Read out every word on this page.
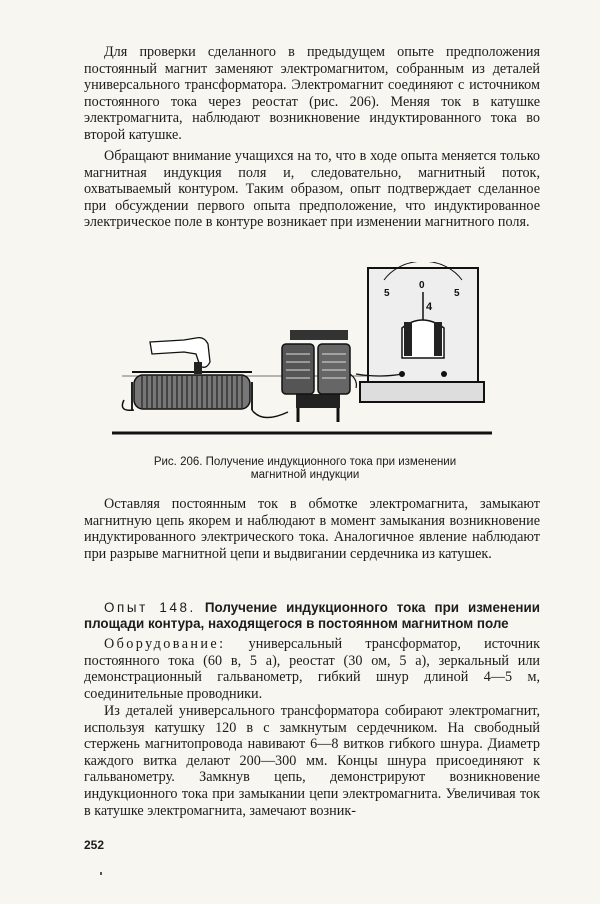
Для проверки сделанного в предыдущем опыте предположения постоянный магнит заменяют электромагнитом, собранным из деталей универсального трансформатора. Электромагнит соединяют с источником постоянного тока через реостат (рис. 206). Меняя ток в катушке электромагнита, наблюдают возникновение индуктированного тока во второй катушке.

Обращают внимание учащихся на то, что в ходе опыта меняется только магнитная индукция поля и, следовательно, магнитный поток, охватываемый контуром. Таким образом, опыт подтверждает сделанное при обсуждении первого опыта предположение, что индуктированное электрическое поле в контуре возникает при изменении магнитного поля.

5
0
5
4

Рис. 206. Получение индукционного тока при изменении
магнитной индукции

Оставляя постоянным ток в обмотке электромагнита, замыкают магнитную цепь якорем и наблюдают в момент замыкания возникновение индуктированного электрического тока. Аналогичное явление наблюдают при разрыве магнитной цепи и выдвигании сердечника из катушек.

Опыт 148. Получение индукционного тока при изменении площади контура, находящегося в постоянном магнитном поле

Оборудование: универсальный трансформатор, источник постоянного тока (60 в, 5 а), реостат (30 ом, 5 а), зеркальный или демонстрационный гальванометр, гибкий шнур длиной 4—5 м, соединительные проводники.

Из деталей универсального трансформатора собирают электромагнит, используя катушку 120 в с замкнутым сердечником. На свободный стержень магнитопровода навивают 6—8 витков гибкого шнура. Диаметр каждого витка делают 200—300 мм. Концы шнура присоединяют к гальванометру. Замкнув цепь, демонстрируют возникновение индукционного тока при замыкании цепи электромагнита. Увеличивая ток в катушке электромагнита, замечают возник-

252
